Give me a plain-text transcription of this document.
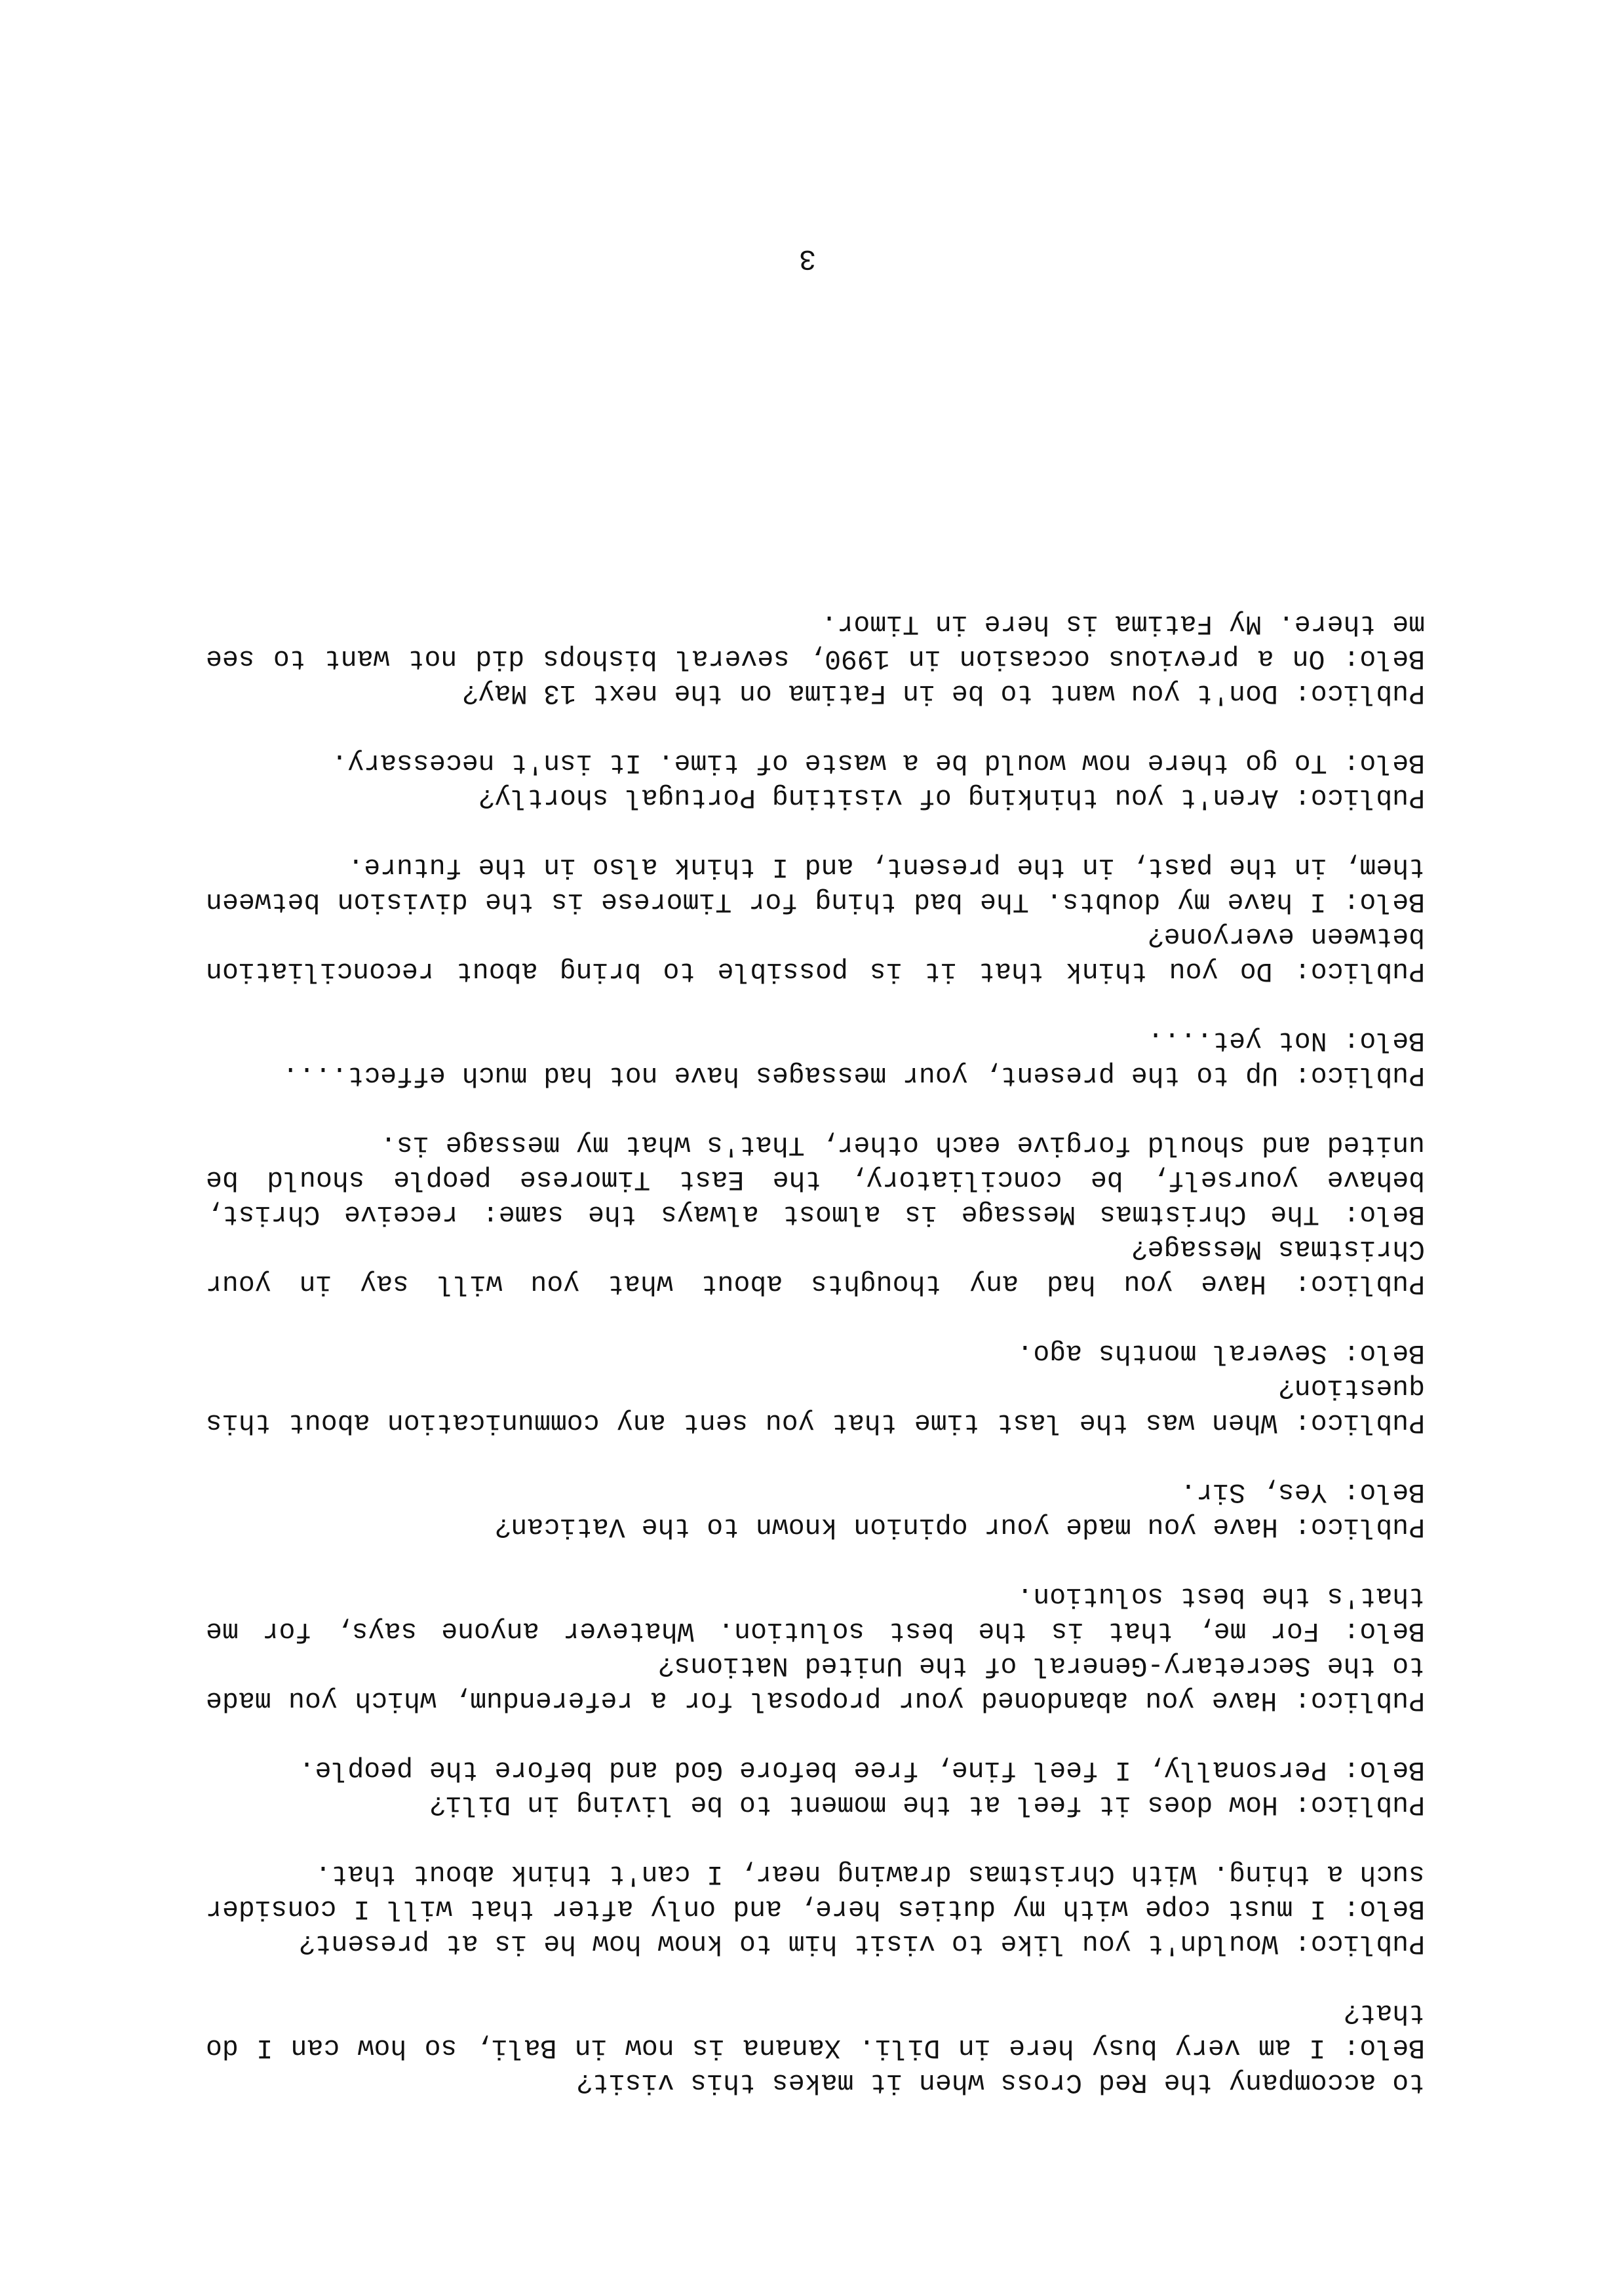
to accompany the Red Cross when it makes this visit?
Belo: I am very busy here in Dili. Xanana is now in Bali, so how can I do that?

Publico: Wouldn't you like to visit him to know how he is at present?
Belo: I must cope with my duties here, and only after that will I consider such a thing. With Christmas drawing near, I can't think about that.

Publico: How does it feel at the moment to be living in Dili?
Belo: Personally, I feel fine, free before God and before the people.

Publico: Have you abandoned your proposal for a referendum, which you made to the Secretary-General of the United Nations?
Belo: For me, that is the best solution. Whatever anyone says, for me that's the best solution.

Publico: Have you made your opinion known to the Vatican?
Belo: Yes, Sir.

Publico: When was the last time that you sent any communication about this question?
Belo: Several months ago.

Publico: Have you had any thoughts about what you will say in your Christmas Message?
Belo: The Christmas Message is almost always the same: receive Christ, behave yourself, be conciliatory, the East Timorese people should be united and should forgive each other, That's what my message is.

Publico: Up to the present, your messages have not had much effect....
Belo: Not yet....

Publico: Do you think that it is possible to bring about reconciliation between everyone?
Belo: I have my doubts. The bad thing for Timorese is the division between them, in the past, in the present, and I think also in the future.

Publico: Aren't you thinking of visiting Portugal shortly?
Belo: To go there now would be a waste of time. It isn't necessary.

Publico: Don't you want to be in Fatima on the next 13 May?
Belo: On a previous occasion in 1990, several bishops did not want to see me there. My Fatima is here in Timor.

3
